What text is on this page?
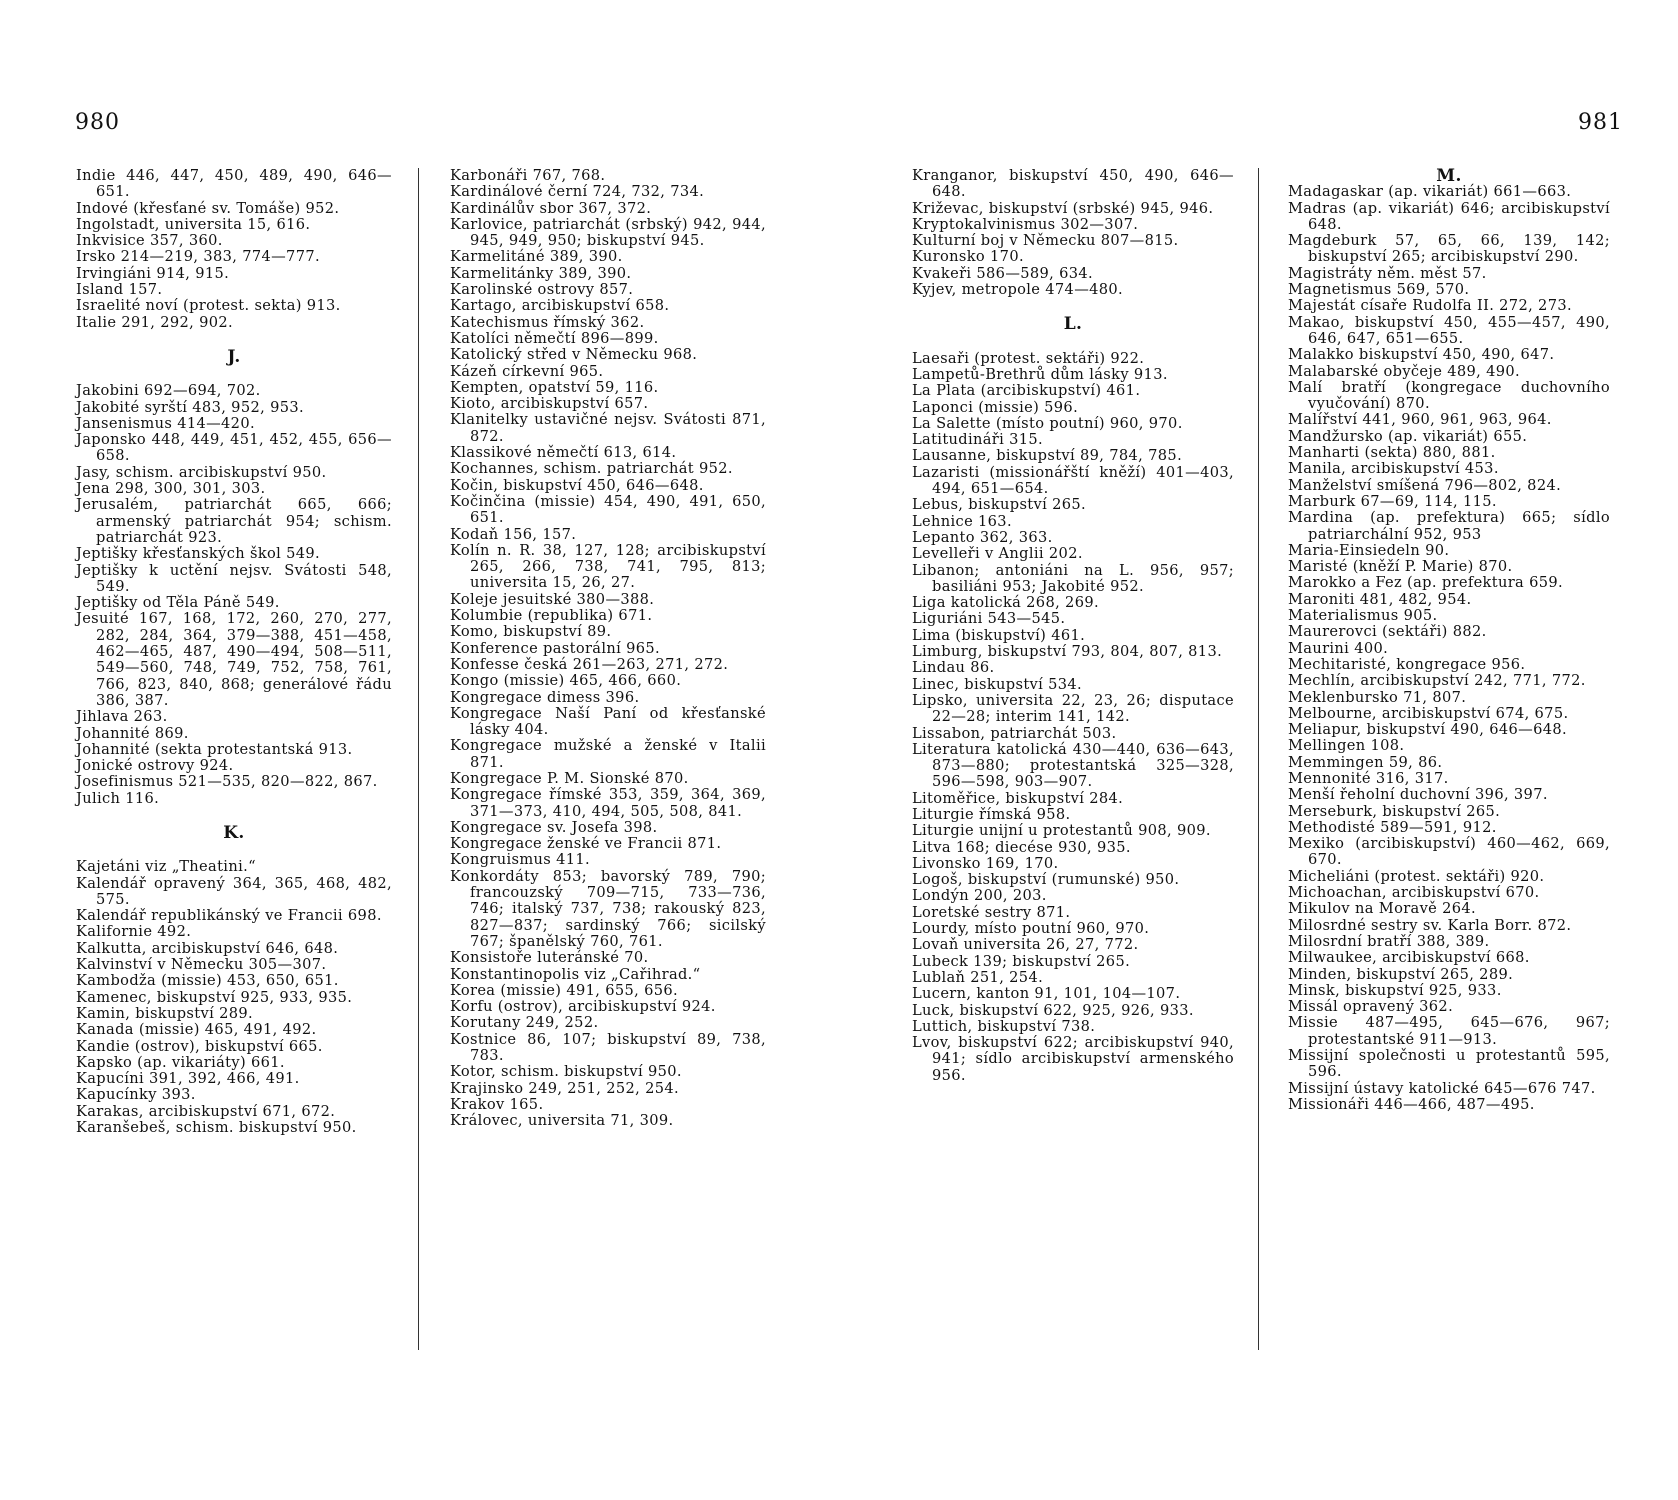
980	981

Indie 446, 447, 450, 489, 490, 646—651.

Indové (křesťané sv. Tomáše) 952.

Ingolstadt, universita 15, 616.

Inkvisice 357, 360.

Irsko 214—219, 383, 774—777.

Irvingiáni 914, 915.

Island 157.

Israelité noví (protest. sekta) 913.

Italie 291, 292, 902.

J.

Jakobini 692—694, 702.

Jakobité syrští 483, 952, 953.

Jansenismus 414—420.

Japonsko 448, 449, 451, 452, 455, 656—658.

Jasy, schism. arcibiskupství 950.

Jena 298, 300, 301, 303.

Jerusalém, patriarchát 665, 666; armenský patriarchát 954; schism. patriarchát 923.

Jeptišky křesťanských škol 549.

Jeptišky k uctění nejsv. Svátosti 548, 549.

Jeptišky od Těla Páně 549.

Jesuité 167, 168, 172, 260, 270, 277, 282, 284, 364, 379—388, 451—458, 462—465, 487, 490—494, 508—511, 549—560, 748, 749, 752, 758, 761, 766, 823, 840, 868; generálové řádu 386, 387.

Jihlava 263.

Johannité 869.

Johannité (sekta protestantská 913.

Jonické ostrovy 924.

Josefinismus 521—535, 820—822, 867.

Julich 116.

K.

Kajetáni viz „Theatini.“

Kalendář opravený 364, 365, 468, 482, 575.

Kalendář republikánský ve Francii 698.

Kalifornie 492.

Kalkutta, arcibiskupství 646, 648.

Kalvinství v Německu 305—307.

Kambodža (missie) 453, 650, 651.

Kamenec, biskupství 925, 933, 935.

Kamin, biskupství 289.

Kanada (missie) 465, 491, 492.

Kandie (ostrov), biskupství 665.

Kapsko (ap. vikariáty) 661.

Kapucíni 391, 392, 466, 491.

Kapucínky 393.

Karakas, arcibiskupství 671, 672.

Karanšebeš, schism. biskupství 950.

Karbonáři 767, 768.

Kardinálové černí 724, 732, 734.

Kardinálův sbor 367, 372.

Karlovice, patriarchát (srbský) 942, 944, 945, 949, 950; biskupství 945.

Karmelitáné 389, 390.

Karmelitánky 389, 390.

Karolinské ostrovy 857.

Kartago, arcibiskupství 658.

Katechismus římský 362.

Katolíci němečtí 896—899.

Katolický střed v Německu 968.

Kázeň církevní 965.

Kempten, opatství 59, 116.

Kioto, arcibiskupství 657.

Klanitelky ustavičné nejsv. Svátosti 871, 872.

Klassikové němečtí 613, 614.

Kochannes, schism. patriarchát 952.

Kočin, biskupství 450, 646—648.

Kočinčina (missie) 454, 490, 491, 650, 651.

Kodaň 156, 157.

Kolín n. R. 38, 127, 128; arcibiskupství 265, 266, 738, 741, 795, 813; universita 15, 26, 27.

Koleje jesuitské 380—388.

Kolumbie (republika) 671.

Komo, biskupství 89.

Konference pastorální 965.

Konfesse česká 261—263, 271, 272.

Kongo (missie) 465, 466, 660.

Kongregace dimess 396.

Kongregace Naší Paní od křesťanské lásky 404.

Kongregace mužské a ženské v Italii 871.

Kongregace P. M. Sionské 870.

Kongregace římské 353, 359, 364, 369, 371—373, 410, 494, 505, 508, 841.

Kongregace sv. Josefa 398.

Kongregace ženské ve Francii 871.

Kongruismus 411.

Konkordáty 853; bavorský 789, 790; francouzský 709—715, 733—736, 746; italský 737, 738; rakouský 823, 827—837; sardinský 766; sicilský 767; španělský 760, 761.

Konsistoře luteránské 70.

Konstantinopolis viz „Cařihrad.“

Korea (missie) 491, 655, 656.

Korfu (ostrov), arcibiskupství 924.

Korutany 249, 252.

Kostnice 86, 107; biskupství 89, 738, 783.

Kotor, schism. biskupství 950.

Krajinsko 249, 251, 252, 254.

Krakov 165.

Královec, universita 71, 309.

Kranganor, biskupství 450, 490, 646—648.

Križevac, biskupství (srbské) 945, 946.

Kryptokalvinismus 302—307.

Kulturní boj v Německu 807—815.

Kuronsko 170.

Kvakeři 586—589, 634.

Kyjev, metropole 474—480.

L.

Laesaři (protest. sektáři) 922.

Lampetů-Brethrů dům lásky 913.

La Plata (arcibiskupství) 461.

Laponci (missie) 596.

La Salette (místo poutní) 960, 970.

Latitudináři 315.

Lausanne, biskupství 89, 784, 785.

Lazaristi (missionářští kněží) 401—403, 494, 651—654.

Lebus, biskupství 265.

Lehnice 163.

Lepanto 362, 363.

Levelleři v Anglii 202.

Libanon; antoniáni na L. 956, 957; basiliáni 953; Jakobité 952.

Liga katolická 268, 269.

Liguriáni 543—545.

Lima (biskupství) 461.

Limburg, biskupství 793, 804, 807, 813.

Lindau 86.

Linec, biskupství 534.

Lipsko, universita 22, 23, 26; disputace 22—28; interim 141, 142.

Lissabon, patriarchát 503.

Literatura katolická 430—440, 636—643, 873—880; protestantská 325—328, 596—598, 903—907.

Litoměřice, biskupství 284.

Liturgie římská 958.

Liturgie unijní u protestantů 908, 909.

Litva 168; diecése 930, 935.

Livonsko 169, 170.

Logoš, biskupství (rumunské) 950.

Londýn 200, 203.

Loretské sestry 871.

Lourdy, místo poutní 960, 970.

Lovaň universita 26, 27, 772.

Lubeck 139; biskupství 265.

Lublaň 251, 254.

Lucern, kanton 91, 101, 104—107.

Luck, biskupství 622, 925, 926, 933.

Luttich, biskupství 738.

Lvov, biskupství 622; arcibiskupství 940, 941; sídlo arcibiskupství armenského 956.

M.

Madagaskar (ap. vikariát) 661—663.

Madras (ap. vikariát) 646; arcibiskupství 648.

Magdeburk 57, 65, 66, 139, 142; biskupství 265; arcibiskupství 290.

Magistráty něm. měst 57.

Magnetismus 569, 570.

Majestát císaře Rudolfa II. 272, 273.

Makao, biskupství 450, 455—457, 490, 646, 647, 651—655.

Malakko biskupství 450, 490, 647.

Malabarské obyčeje 489, 490.

Malí bratří (kongregace duchovního vyučování) 870.

Malířství 441, 960, 961, 963, 964.

Mandžursko (ap. vikariát) 655.

Manharti (sekta) 880, 881.

Manila, arcibiskupství 453.

Manželství smíšená 796—802, 824.

Marburk 67—69, 114, 115.

Mardina (ap. prefektura) 665; sídlo patriarchální 952, 953

Maria-Einsiedeln 90.

Maristé (kněží P. Marie) 870.

Marokko a Fez (ap. prefektura 659.

Maroniti 481, 482, 954.

Materialismus 905.

Maurerovci (sektáři) 882.

Maurini 400.

Mechitaristé, kongregace 956.

Mechlín, arcibiskupství 242, 771, 772.

Meklenbursko 71, 807.

Melbourne, arcibiskupství 674, 675.

Meliapur, biskupství 490, 646—648.

Mellingen 108.

Memmingen 59, 86.

Mennonité 316, 317.

Menší řeholní duchovní 396, 397.

Merseburk, biskupství 265.

Methodisté 589—591, 912.

Mexiko (arcibiskupství) 460—462, 669, 670.

Micheliáni (protest. sektáři) 920.

Michoachan, arcibiskupství 670.

Mikulov na Moravě 264.

Milosrdné sestry sv. Karla Borr. 872.

Milosrdní bratří 388, 389.

Milwaukee, arcibiskupství 668.

Minden, biskupství 265, 289.

Minsk, biskupství 925, 933.

Missál opravený 362.

Missie 487—495, 645—676, 967; protestantské 911—913.

Missijní společnosti u protestantů 595, 596.

Missijní ústavy katolické 645—676 747.

Missionáři 446—466, 487—495.
